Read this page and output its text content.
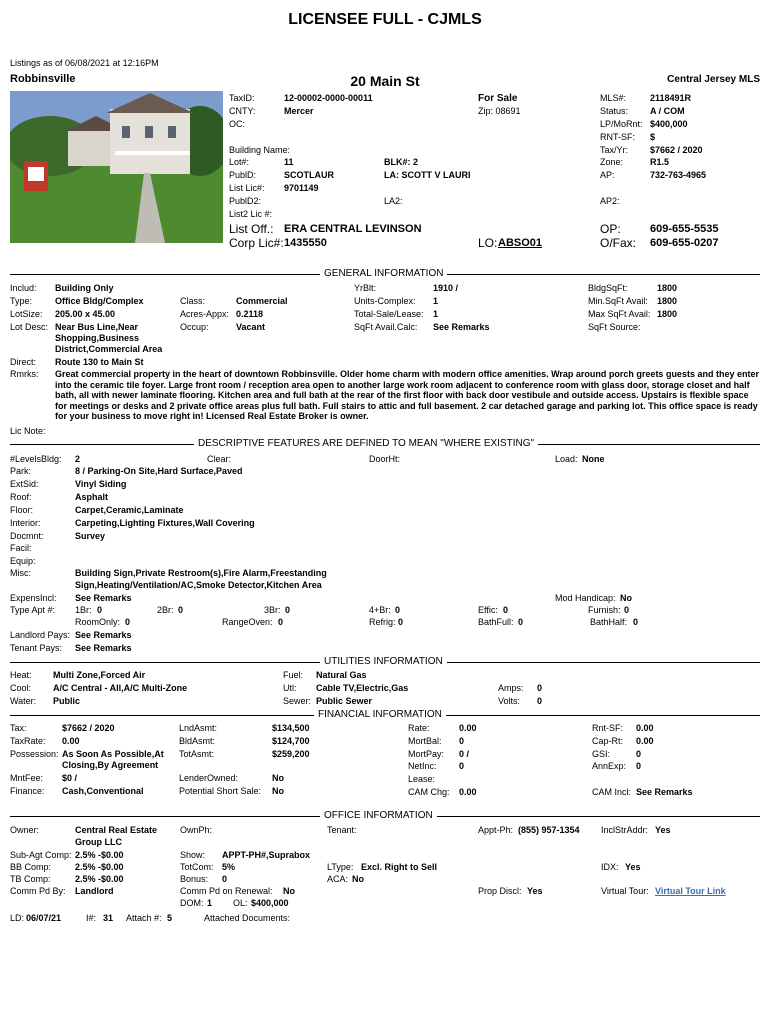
LICENSEE FULL - CJMLS
Listings as of 06/08/2021 at 12:16PM
Robbinsville	20 Main St	Central Jersey MLS
TaxID:	12-00002-0000-00011
CNTY:	Mercer
OC:
Building Name:
Lot#:	11
PublD:	SCOTLAUR
List Lic#: 9701149
PublD2:
List2 Lic #:
BLK#: 2
LA: SCOTT V LAURI
LA2:
For Sale
Zip: 08691
MLS#:	2118491R
Status: A / COM
LP/MoRnt: $400,000
RNT-SF: $
Tax/Yr: $7662 / 2020
Zone:	R1.5
AP:	732-763-4965
AP2:
List Off.: ERA CENTRAL LEVINSON
Corp Lic#: 1435550	LO: ABSO01
OP:	609-655-5535
O/Fax: 609-655-0207
GENERAL INFORMATION
Includ: Building Only
Type:	Office Bldg/Complex
LotSize: 205.00 x 45.00
Lot Desc: Near Bus Line,Near
Shopping,Business
District,Commercial Area
Class:	Commercial
Acres-Appx: 0.2118
Occup:	Vacant
YrBlt:	1910 /
Units-Complex: 1
Total-Sale/Lease: 1
SqFt Avail.Calc: See Remarks
BldgSqFt:	1800
Min.SqFt Avail: 1800
Max SqFt Avail: 1800
SqFt Source:
Direct: Route 130 to Main St
Rmrks: Great commercial property in the heart of downtown Robbinsville. Older home charm with modern office amenities. Wrap around porch greets guests and they enter into the ceramic tile foyer. Large front room / reception area open to another large work room adjacent to conference room with glass door, storage closet and half bath, all with newer laminate flooring. Kitchen area and full bath at the rear of the first floor with back door vestibule and outside access. Upstairs is flexible space for meetings or desks and 2 private office areas plus full bath. Full stairs to attic and full basement. 2 car detached garage and parking lot. This office space is ready for your business to move right in! Licensed Real Estate Broker is owner.
Lic Note:
DESCRIPTIVE FEATURES ARE DEFINED TO MEAN "WHERE EXISTING"
#LevelsBldg: 2	Clear:	DoorHt:	Load: None
Park:	8 / Parking-On Site,Hard Surface,Paved
ExtSid:	Vinyl Siding
Roof:	Asphalt
Floor:	Carpet,Ceramic,Laminate
Interior:	Carpeting,Lighting Fixtures,Wall Covering
Docmnt:	Survey
Facil:
Equip:
Misc:	Building Sign,Private Restroom(s),Fire Alarm,Freestanding
Sign,Heating/Ventilation/AC,Smoke Detector,Kitchen Area
ExpensIncl: See Remarks	Mod Handicap: No
Type Apt #: 1Br: 0	2Br: 0	3Br: 0	4+Br: 0	Effic: 0	Furnish: 0
RoomOnly: 0	RangeOven: 0	Refrig: 0	BathFull: 0	BathHalf: 0
Landlord Pays: See Remarks
Tenant Pays: See Remarks
UTILITIES INFORMATION
Heat: Multi Zone,Forced Air
Cool: A/C Central - All,A/C Multi-Zone
Water: Public
Fuel: Natural Gas
Utl: Cable TV,Electric,Gas
Sewer: Public Sewer
Amps: 0
Volts: 0
FINANCIAL INFORMATION
Tax:	$7662 / 2020
TaxRate: 0.00
Possession: As Soon As Possible,At
Closing,By Agreement
MntFee: $0 /
Finance: Cash,Conventional
LndAsmt:	$134,500
BldAsmt:	$124,700
TotAsmt:	$259,200
LenderOwned:	No
Potential Short Sale: No
Rate:	0.00
MortBal: 0
MortPay: 0 /
NetInc: 0
Lease:
CAM Chg: 0.00
Rnt-SF: 0.00
Cap-Rt: 0.00
GSI:	0
AnnExp: 0
CAM Incl: See Remarks
OFFICE INFORMATION
Owner:	Central Real Estate
Group LLC
OwnPh:	Tenant:	Appt-Ph: (855) 957-1354 InclStrAddr: Yes
Sub-Agt Comp: 2.5% -$0.00
BB Comp:	2.5% -$0.00
TB Comp:	2.5% -$0.00
Comm Pd By: Landlord
Show: APPT-PH#,Suprabox
TotCom: 5%
Bonus: 0
Comm Pd on Renewal: No
DOM: 1 OL: $400,000
LType: Excl. Right to Sell
ACA: No
IDX: Yes
Prop Discl: Yes	Virtual Tour: Virtual Tour Link
LD: 06/07/21	I#: 31 Attach #: 5	Attached Documents:
